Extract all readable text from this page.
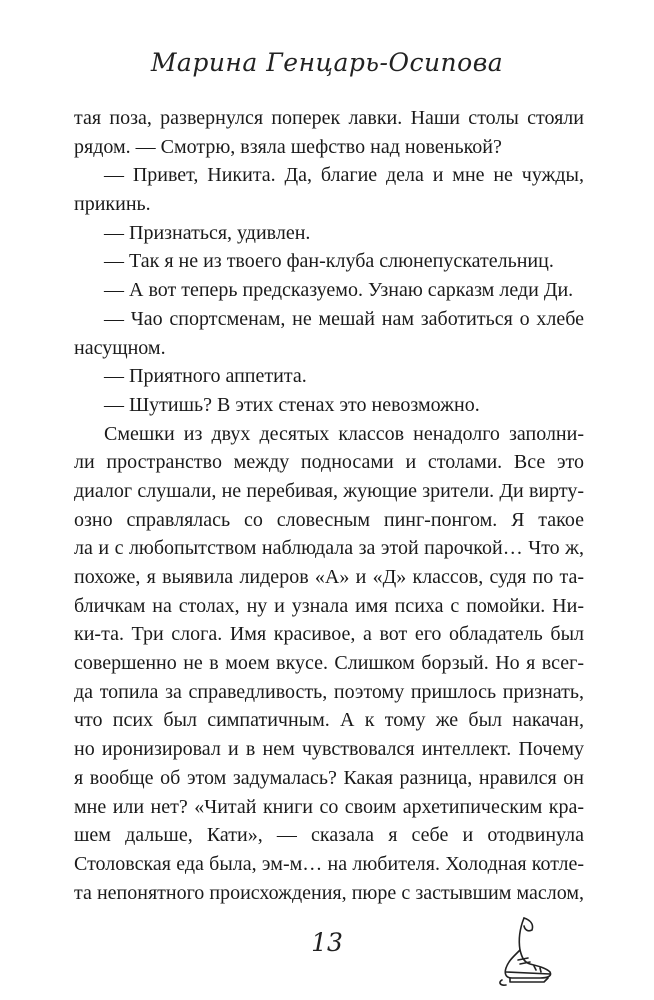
Марина Генцарь-Осипова
тая поза, развернулся поперек лавки. Наши столы стояли
рядом. — Смотрю, взяла шефство над новенькой?
— Привет, Никита. Да, благие дела и мне не чужды,
прикинь.
— Признаться, удивлен.
— Так я не из твоего фан-клуба слюнепускательниц.
— А вот теперь предсказуемо. Узнаю сарказм леди Ди.
— Чао спортсменам, не мешай нам заботиться о хлебе
насущном.
— Приятного аппетита.
— Шутишь? В этих стенах это невозможно.
Смешки из двух десятых классов ненадолго заполни-
ли пространство между подносами и столами. Все это
диалог слушали, не перебивая, жующие зрители. Ди вирту-
озно справлялась со словесным пинг-понгом. Я такое
ла и с любопытством наблюдала за этой парочкой… Что ж,
похоже, я выявила лидеров «А» и «Д» классов, судя по та-
бличкам на столах, ну и узнала имя психа с помойки. Ни-
ки-та. Три слога. Имя красивое, а вот его обладатель был
совершенно не в моем вкусе. Слишком борзый. Но я всег-
да топила за справедливость, поэтому пришлось признать,
что псих был симпатичным. А к тому же был накачан,
но иронизировал и в нем чувствовался интеллект. Почему
я вообще об этом задумалась? Какая разница, нравился он
мне или нет? «Читай книги со своим архетипическим кра-
шем дальше, Кати», — сказала я себе и отодвинула
Столовская еда была, эм-м… на любителя. Холодная котле-
та непонятного происхождения, пюре с застывшим маслом,
13
